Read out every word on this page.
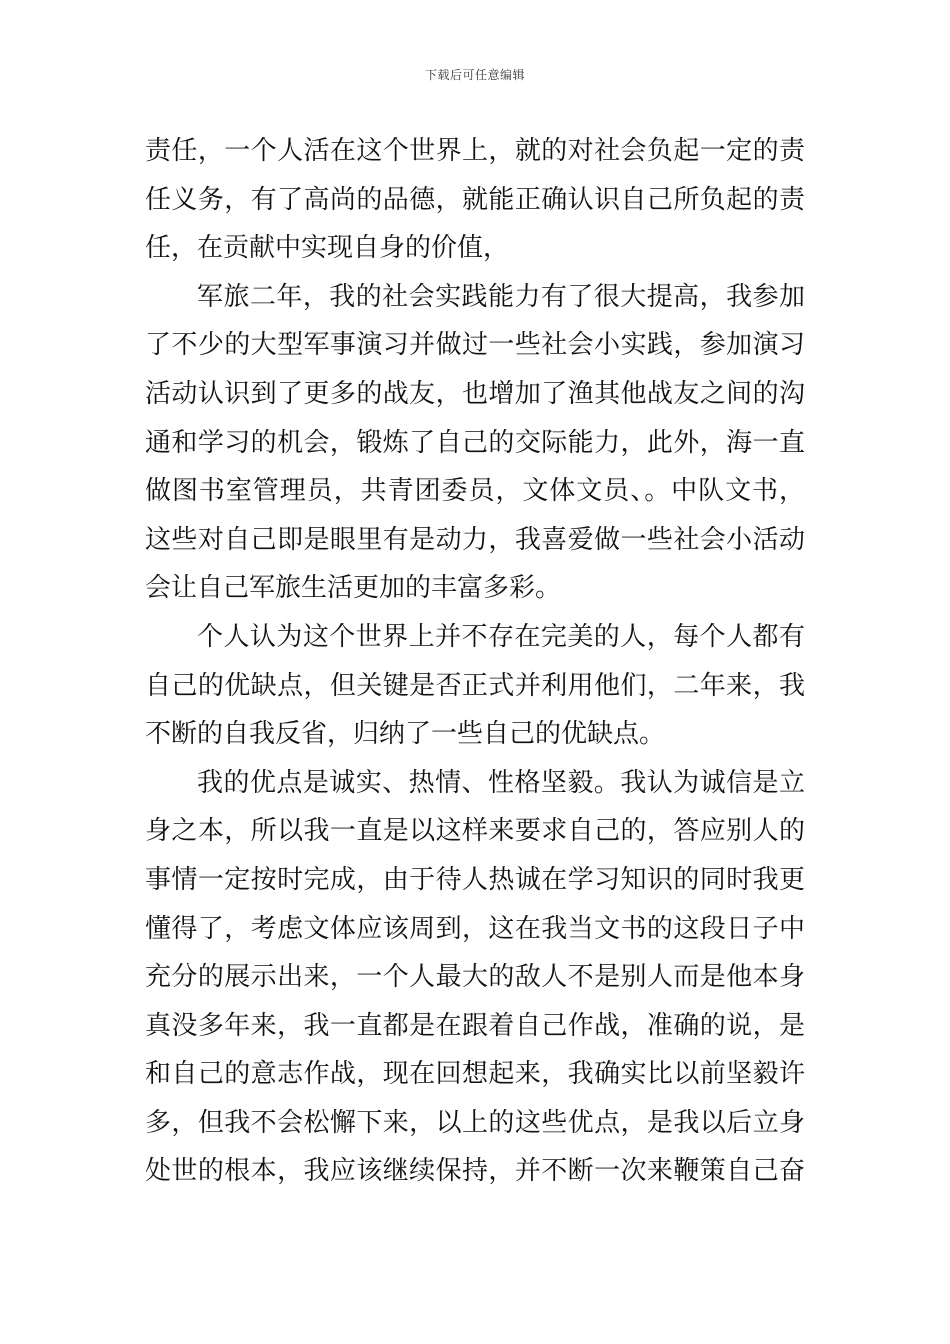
下载后可任意编辑
责任，一个人活在这个世界上，就的对社会负起一定的责
任义务，有了高尚的品德，就能正确认识自己所负起的责
任，在贡献中实现自身的价值，
军旅二年，我的社会实践能力有了很大提高，我参加
了不少的大型军事演习并做过一些社会小实践，参加演习
活动认识到了更多的战友，也增加了渔其他战友之间的沟
通和学习的机会，锻炼了自己的交际能力，此外，海一直
做图书室管理员，共青团委员，文体文员、。中队文书，
这些对自己即是眼里有是动力，我喜爱做一些社会小活动
会让自己军旅生活更加的丰富多彩。
个人认为这个世界上并不存在完美的人，每个人都有
自己的优缺点，但关键是否正式并利用他们，二年来，我
不断的自我反省，归纳了一些自己的优缺点。
我的优点是诚实、热情、性格坚毅。我认为诚信是立
身之本，所以我一直是以这样来要求自己的，答应别人的
事情一定按时完成，由于待人热诚在学习知识的同时我更
懂得了，考虑文体应该周到，这在我当文书的这段日子中
充分的展示出来，一个人最大的敌人不是别人而是他本身
真没多年来，我一直都是在跟着自己作战，准确的说，是
和自己的意志作战，现在回想起来，我确实比以前坚毅许
多，但我不会松懈下来，以上的这些优点，是我以后立身
处世的根本，我应该继续保持，并不断一次来鞭策自己奋
